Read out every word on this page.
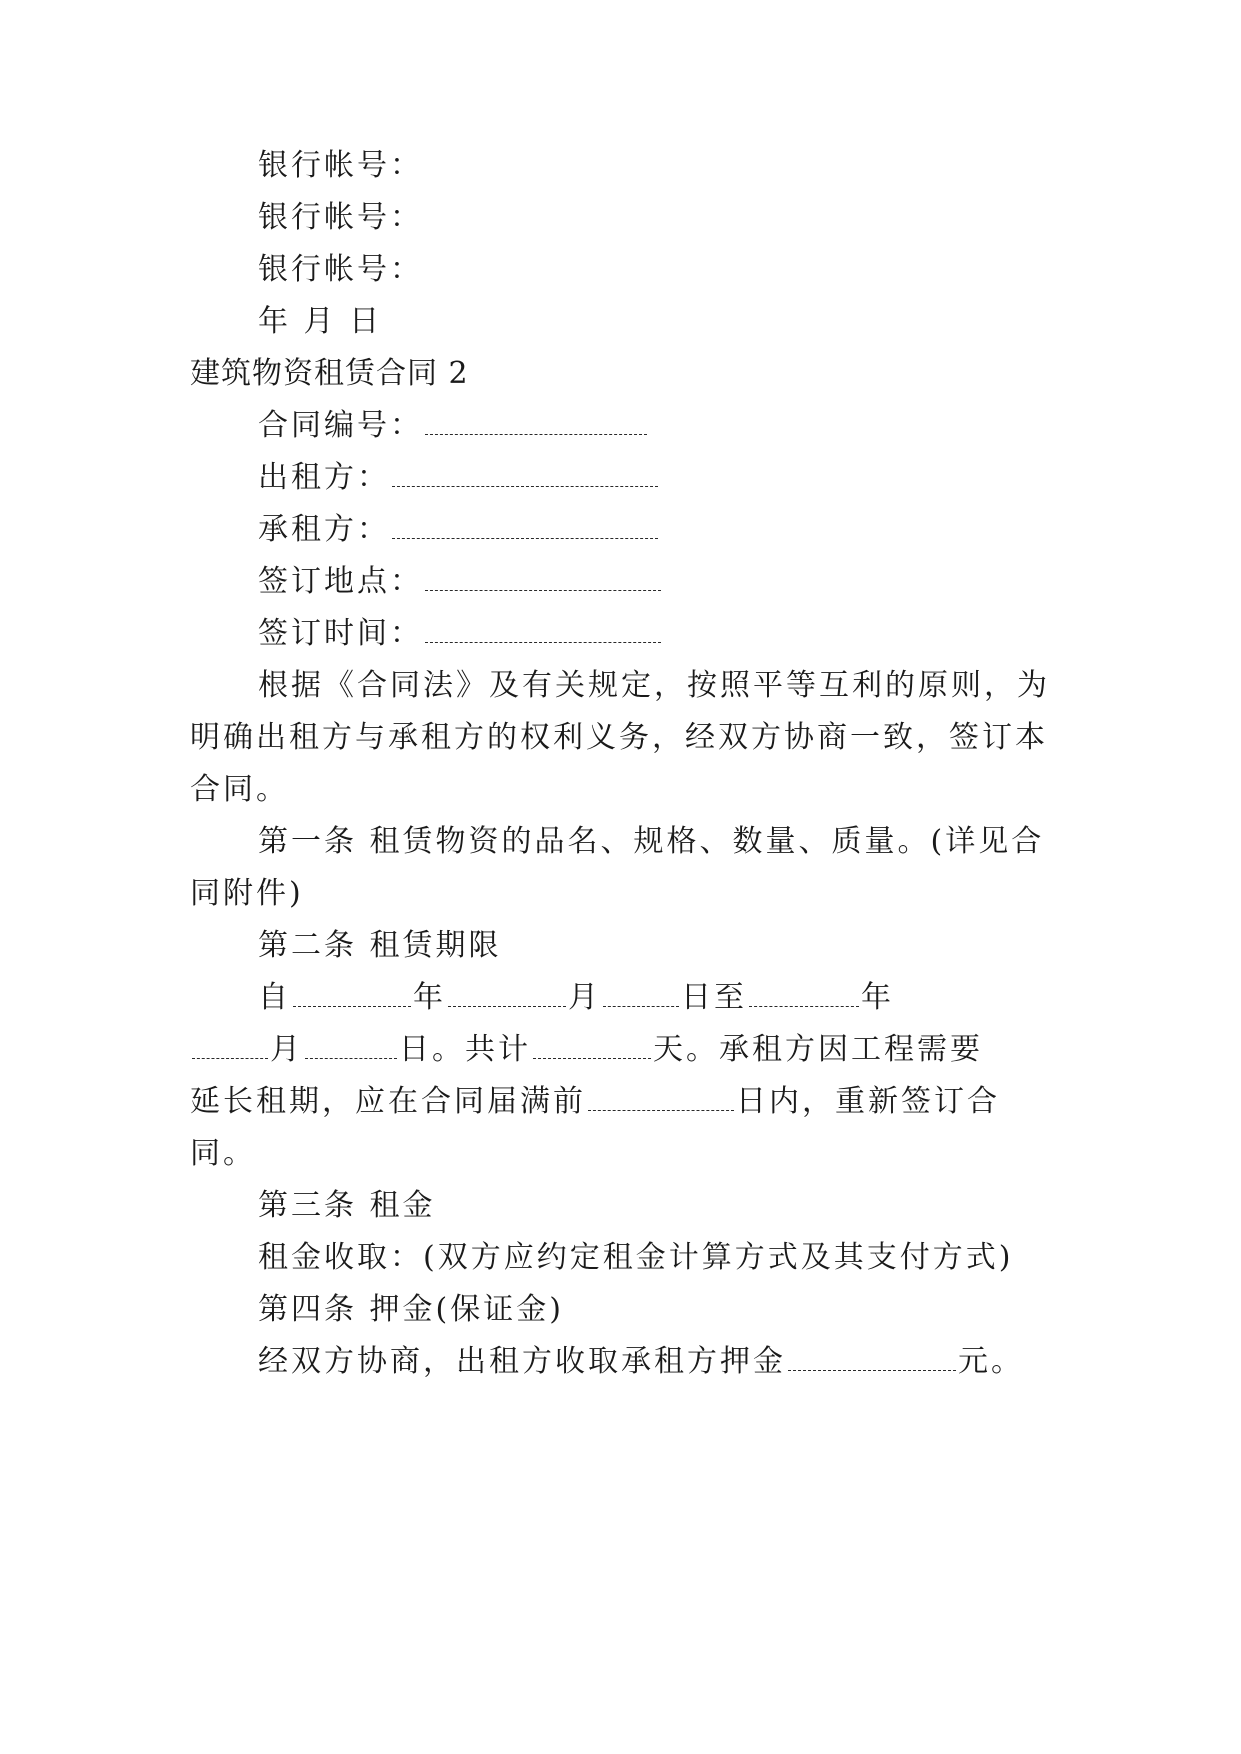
银行帐号：
银行帐号：
银行帐号：
年 月 日
建筑物资租赁合同 2
合同编号：
出租方：
承租方：
签订地点：
签订时间：
根据《合同法》及有关规定，按照平等互利的原则，为
明确出租方与承租方的权利义务，经双方协商一致，签订本
合同。
第一条 租赁物资的品名、规格、数量、质量。(详见合
同附件)
第二条 租赁期限
自	年	月	日至	年
月	日。共计	天。承租方因工程需要
延长租期，应在合同届满前	日内，重新签订合
同。
第三条 租金
租金收取：(双方应约定租金计算方式及其支付方式)
第四条 押金(保证金)
经双方协商，出租方收取承租方押金	元。
